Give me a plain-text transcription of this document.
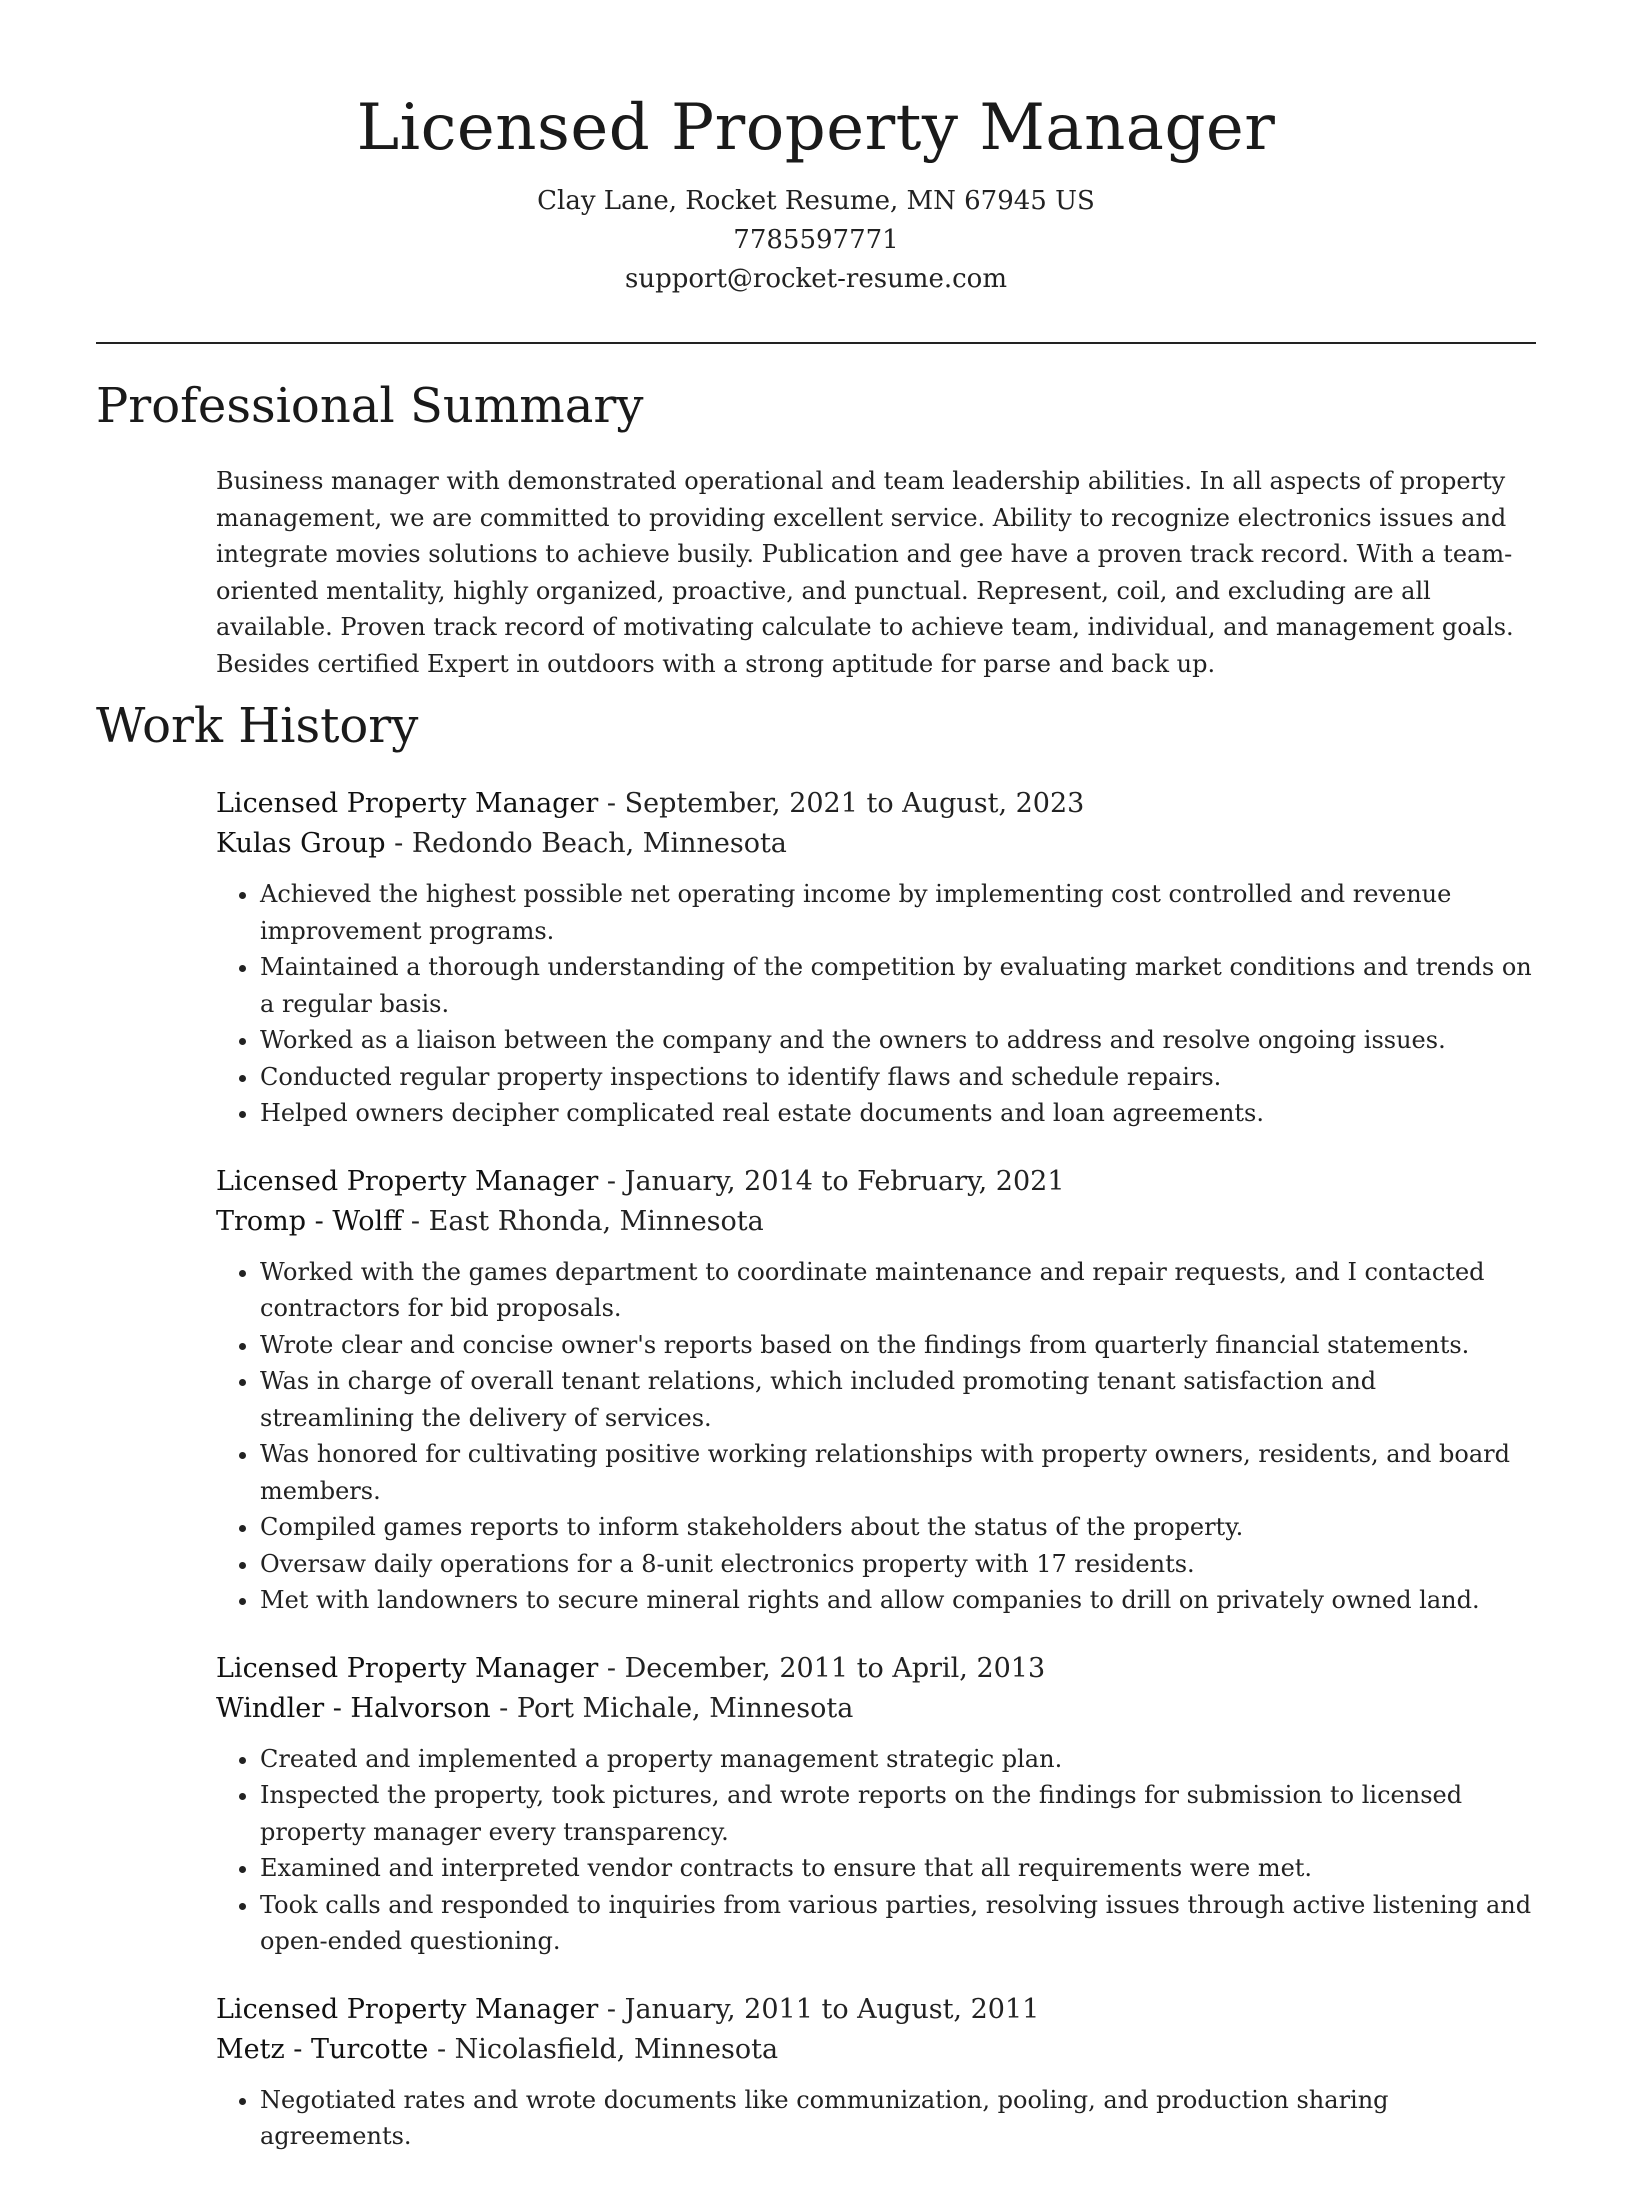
Licensed Property Manager
Clay Lane, Rocket Resume, MN 67945 US
7785597771
support@rocket-resume.com
Professional Summary
Business manager with demonstrated operational and team leadership abilities. In all aspects of property management, we are committed to providing excellent service. Ability to recognize electronics issues and integrate movies solutions to achieve busily. Publication and gee have a proven track record. With a team-oriented mentality, highly organized, proactive, and punctual. Represent, coil, and excluding are all available. Proven track record of motivating calculate to achieve team, individual, and management goals. Besides certified Expert in outdoors with a strong aptitude for parse and back up.
Work History
Licensed Property Manager - September, 2021 to August, 2023
Kulas Group - Redondo Beach, Minnesota
• Achieved the highest possible net operating income by implementing cost controlled and revenue improvement programs.
• Maintained a thorough understanding of the competition by evaluating market conditions and trends on a regular basis.
• Worked as a liaison between the company and the owners to address and resolve ongoing issues.
• Conducted regular property inspections to identify flaws and schedule repairs.
• Helped owners decipher complicated real estate documents and loan agreements.
Licensed Property Manager - January, 2014 to February, 2021
Tromp - Wolff - East Rhonda, Minnesota
• Worked with the games department to coordinate maintenance and repair requests, and I contacted contractors for bid proposals.
• Wrote clear and concise owner's reports based on the findings from quarterly financial statements.
• Was in charge of overall tenant relations, which included promoting tenant satisfaction and streamlining the delivery of services.
• Was honored for cultivating positive working relationships with property owners, residents, and board members.
• Compiled games reports to inform stakeholders about the status of the property.
• Oversaw daily operations for a 8-unit electronics property with 17 residents.
• Met with landowners to secure mineral rights and allow companies to drill on privately owned land.
Licensed Property Manager - December, 2011 to April, 2013
Windler - Halvorson - Port Michale, Minnesota
• Created and implemented a property management strategic plan.
• Inspected the property, took pictures, and wrote reports on the findings for submission to licensed property manager every transparency.
• Examined and interpreted vendor contracts to ensure that all requirements were met.
• Took calls and responded to inquiries from various parties, resolving issues through active listening and open-ended questioning.
Licensed Property Manager - January, 2011 to August, 2011
Metz - Turcotte - Nicolasfield, Minnesota
• Negotiated rates and wrote documents like communization, pooling, and production sharing agreements.
